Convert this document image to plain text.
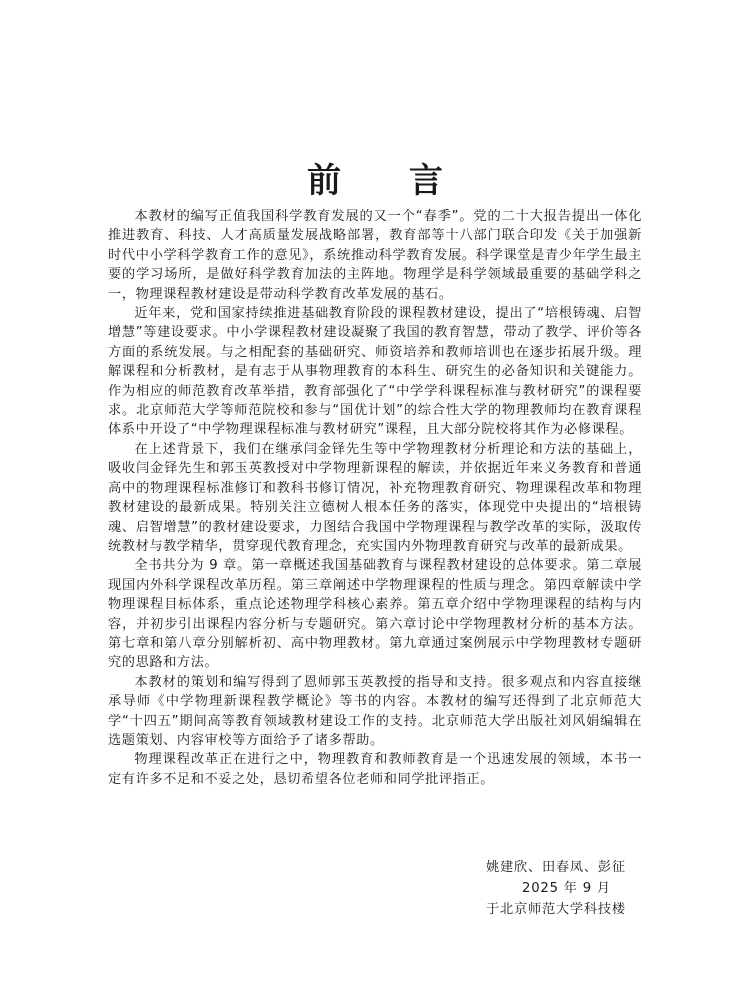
前 言

本教材的编写正值我国科学教育发展的又一个“春季”。党的二十大报告提出一体化推进教育、科技、人才高质量发展战略部署，教育部等十八部门联合印发《关于加强新时代中小学科学教育工作的意见》，系统推动科学教育发展。科学课堂是青少年学生最主要的学习场所，是做好科学教育加法的主阵地。物理学是科学领域最重要的基础学科之一，物理课程教材建设是带动科学教育改革发展的基石。

近年来，党和国家持续推进基础教育阶段的课程教材建设，提出了“培根铸魂、启智增慧”等建设要求。中小学课程教材建设凝聚了我国的教育智慧，带动了教学、评价等各方面的系统发展。与之相配套的基础研究、师资培养和教师培训也在逐步拓展升级。理解课程和分析教材，是有志于从事物理教育的本科生、研究生的必备知识和关键能力。作为相应的师范教育改革举措，教育部强化了“中学学科课程标准与教材研究”的课程要求。北京师范大学等师范院校和参与“国优计划”的综合性大学的物理教师均在教育课程体系中开设了“中学物理课程标准与教材研究”课程，且大部分院校将其作为必修课程。

在上述背景下，我们在继承闫金铎先生等中学物理教材分析理论和方法的基础上，吸收闫金铎先生和郭玉英教授对中学物理新课程的解读，并依据近年来义务教育和普通高中的物理课程标准修订和教科书修订情况，补充物理教育研究、物理课程改革和物理教材建设的最新成果。特别关注立德树人根本任务的落实，体现党中央提出的“培根铸魂、启智增慧”的教材建设要求，力图结合我国中学物理课程与教学改革的实际，汲取传统教材与教学精华，贯穿现代教育理念，充实国内外物理教育研究与改革的最新成果。

全书共分为 9 章。第一章概述我国基础教育与课程教材建设的总体要求。第二章展现国内外科学课程改革历程。第三章阐述中学物理课程的性质与理念。第四章解读中学物理课程目标体系，重点论述物理学科核心素养。第五章介绍中学物理课程的结构与内容，并初步引出课程内容分析与专题研究。第六章讨论中学物理教材分析的基本方法。第七章和第八章分别解析初、高中物理教材。第九章通过案例展示中学物理教材专题研究的思路和方法。

本教材的策划和编写得到了恩师郭玉英教授的指导和支持。很多观点和内容直接继承导师《中学物理新课程教学概论》等书的内容。本教材的编写还得到了北京师范大学“十四五”期间高等教育领域教材建设工作的支持。北京师范大学出版社刘风娟编辑在选题策划、内容审校等方面给予了诸多帮助。

物理课程改革正在进行之中，物理教育和教师教育是一个迅速发展的领域，本书一定有许多不足和不妥之处，恳切希望各位老师和同学批评指正。

姚建欣、田春凤、彭征
2025 年 9 月
于北京师范大学科技楼
